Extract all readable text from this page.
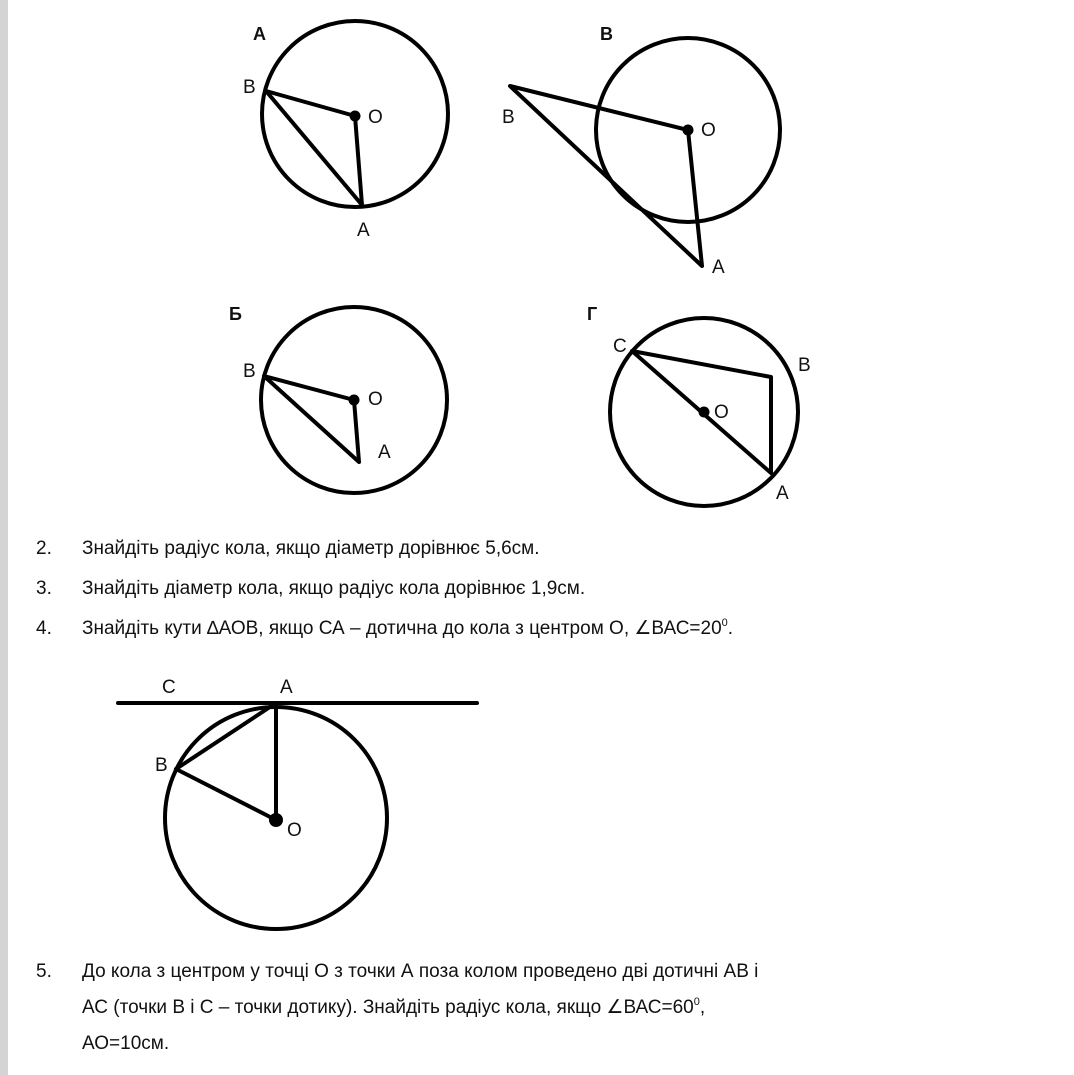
А
B
O
A
В
B
O
A
Б
B
O
A
Г
C
B
O
A
C	A
B
O
2. Знайдіть радіус кола, якщо діаметр дорівнює 5,6см.
3. Знайдіть діаметр кола, якщо радіус кола дорівнює 1,9см.
4. Знайдіть кути ∆АОВ, якщо СА – дотична до кола з центром О, $\angle ВАС=20^0$.
5.	До кола з центром у точці О з точки А поза колом проведено дві дотичні АВ і
АС (точки В і С – точки дотику). Знайдіть радіус кола, якщо $\angle ВАС=60^0$,
АО=10см.
